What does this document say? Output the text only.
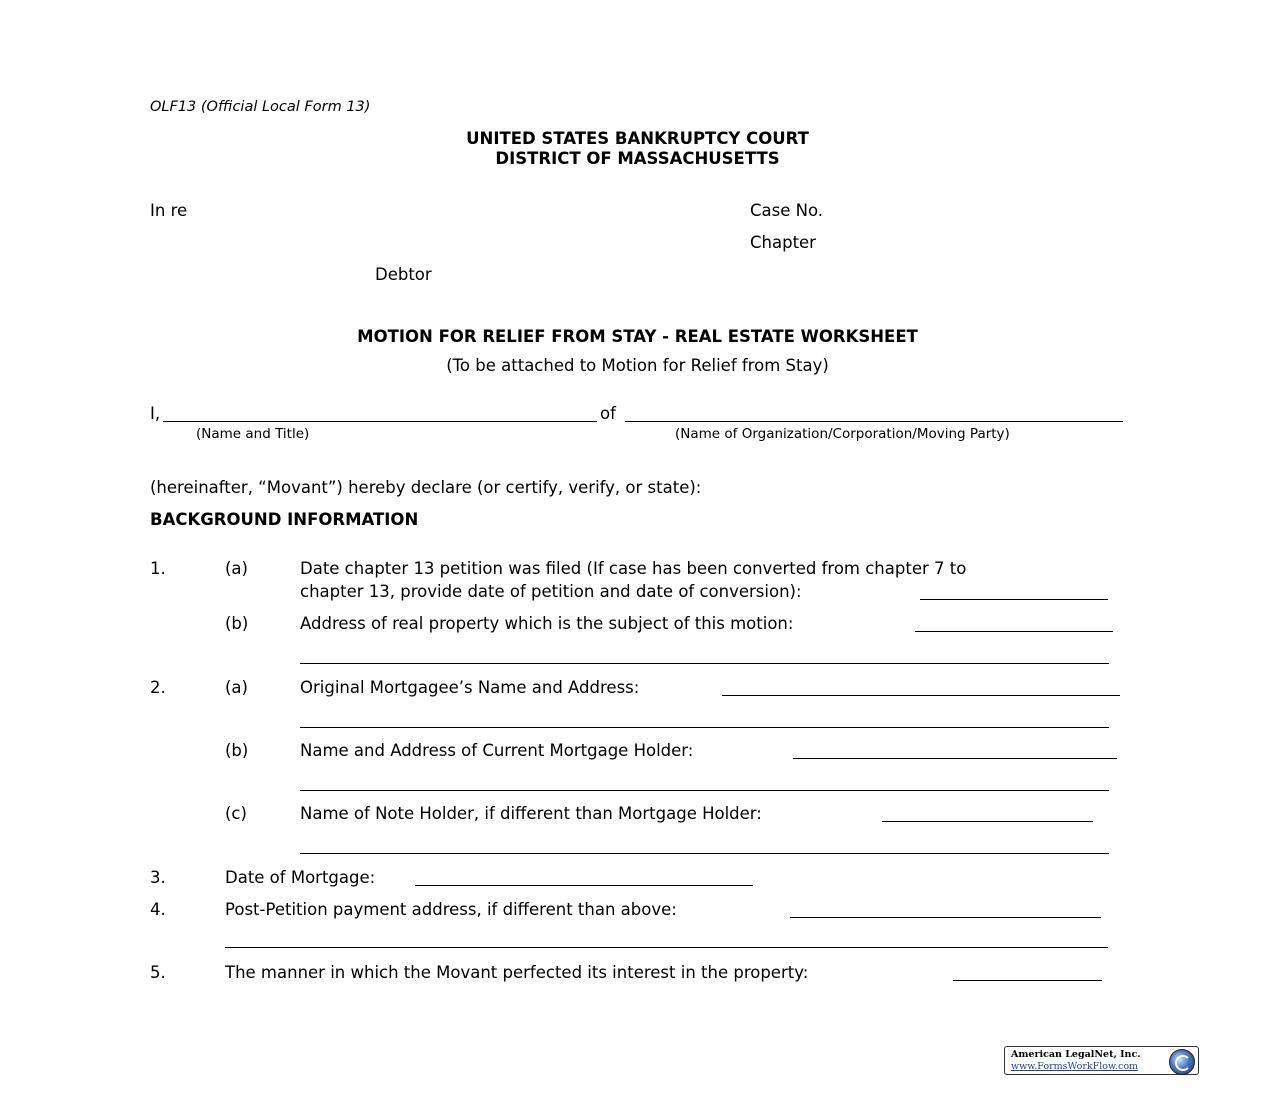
OLF13 (Official Local Form 13)
UNITED STATES BANKRUPTCY COURT
DISTRICT OF MASSACHUSETTS
In re	Case No.
Chapter
Debtor
MOTION FOR RELIEF FROM STAY - REAL ESTATE WORKSHEET
(To be attached to Motion for Relief from Stay)
I,	of
(Name and Title)	(Name of Organization/Corporation/Moving Party)
(hereinafter, “Movant”) hereby declare (or certify, verify, or state):
BACKGROUND INFORMATION
1.	(a)	Date chapter 13 petition was filed (If case has been converted from chapter 7 to
chapter 13, provide date of petition and date of conversion):
(b)	Address of real property which is the subject of this motion:
2.	(a)	Original Mortgagee’s Name and Address:
(b)	Name and Address of Current Mortgage Holder:
(c)	Name of Note Holder, if different than Mortgage Holder:
3.	Date of Mortgage:
4.	Post-Petition payment address, if different than above:
5.	The manner in which the Movant perfected its interest in the property:
American LegalNet, Inc.
www.FormsWorkFlow.com
